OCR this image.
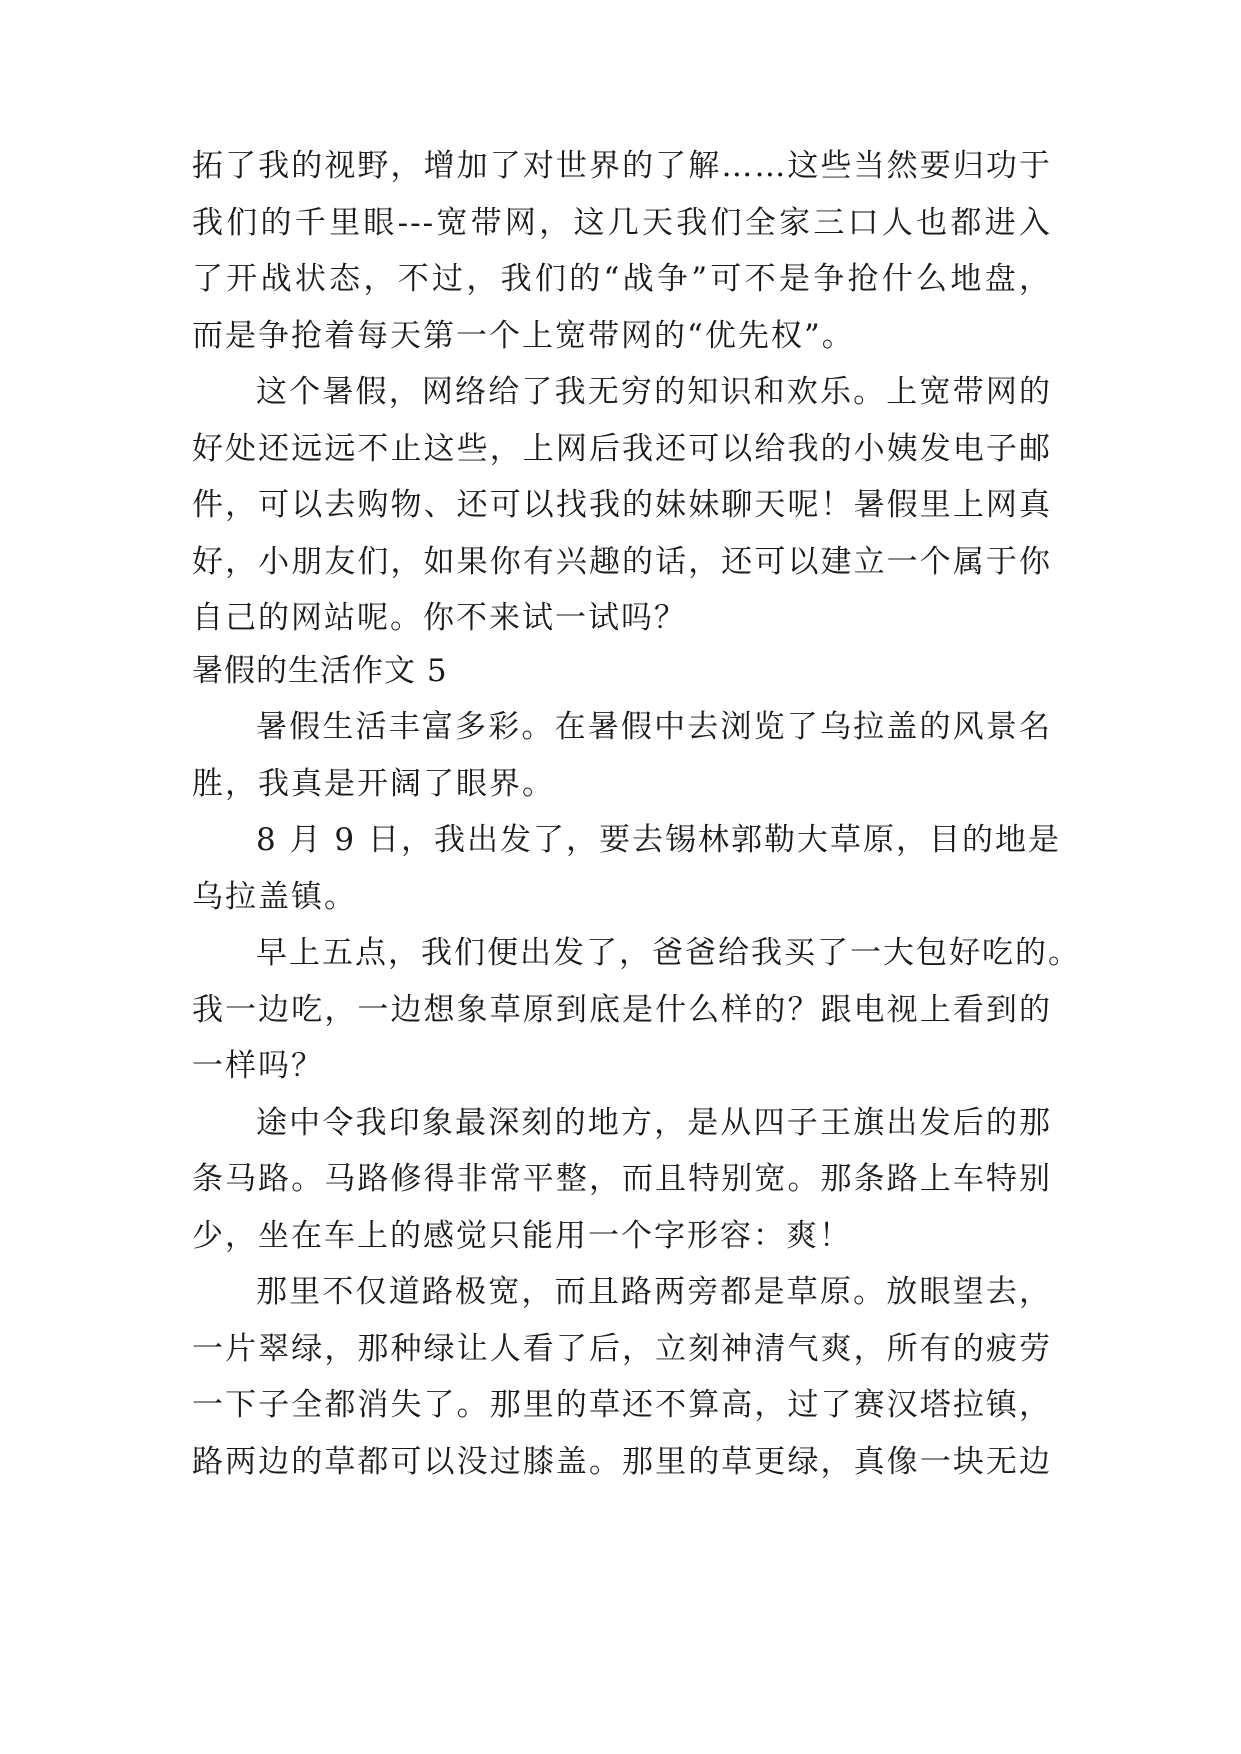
拓了我的视野，增加了对世界的了解……这些当然要归功于
我们的千里眼---宽带网，这几天我们全家三口人也都进入
了开战状态，不过，我们的“战争”可不是争抢什么地盘，
而是争抢着每天第一个上宽带网的“优先权”。
这个暑假，网络给了我无穷的知识和欢乐。上宽带网的
好处还远远不止这些，上网后我还可以给我的小姨发电子邮
件，可以去购物、还可以找我的妹妹聊天呢！暑假里上网真
好，小朋友们，如果你有兴趣的话，还可以建立一个属于你
自己的网站呢。你不来试一试吗？
暑假的生活作文 5
暑假生活丰富多彩。在暑假中去浏览了乌拉盖的风景名
胜，我真是开阔了眼界。
8 月 9 日，我出发了，要去锡林郭勒大草原，目的地是
乌拉盖镇。
早上五点，我们便出发了，爸爸给我买了一大包好吃的。
我一边吃，一边想象草原到底是什么样的？跟电视上看到的
一样吗？
途中令我印象最深刻的地方，是从四子王旗出发后的那
条马路。马路修得非常平整，而且特别宽。那条路上车特别
少，坐在车上的感觉只能用一个字形容：爽！
那里不仅道路极宽，而且路两旁都是草原。放眼望去，
一片翠绿，那种绿让人看了后，立刻神清气爽，所有的疲劳
一下子全都消失了。那里的草还不算高，过了赛汉塔拉镇，
路两边的草都可以没过膝盖。那里的草更绿，真像一块无边
